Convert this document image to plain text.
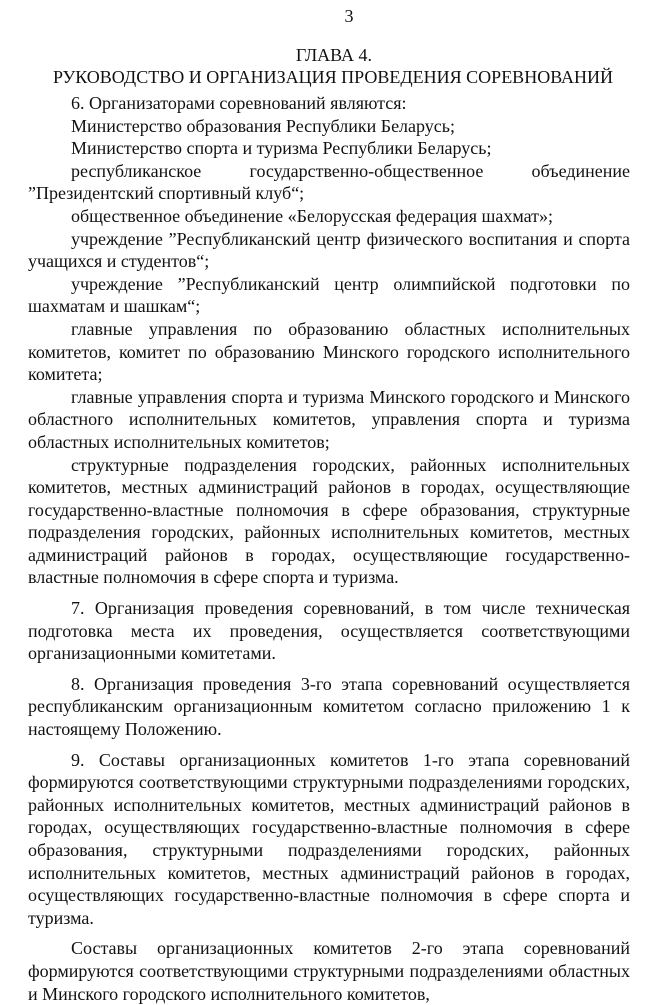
3
ГЛАВА 4.
РУКОВОДСТВО И ОРГАНИЗАЦИЯ ПРОВЕДЕНИЯ СОРЕВНОВАНИЙ

6. Организаторами соревнований являются:

Министерство образования Республики Беларусь;

Министерство спорта и туризма Республики Беларусь;

республиканское государственно-общественное объединение ”Президентский спортивный клуб“;

общественное объединение «Белорусская федерация шахмат»;

учреждение ”Республиканский центр физического воспитания и спорта учащихся и студентов“;

учреждение ”Республиканский центр олимпийской подготовки по шахматам и шашкам“;

главные управления по образованию областных исполнительных комитетов, комитет по образованию Минского городского исполнительного комитета;

главные управления спорта и туризма Минского городского и Минского областного исполнительных комитетов, управления спорта и туризма областных исполнительных комитетов;

структурные подразделения городских, районных исполнительных комитетов, местных администраций районов в городах, осуществляющие государственно-властные полномочия в сфере образования, структурные подразделения городских, районных исполнительных комитетов, местных администраций районов в городах, осуществляющие государственно-властные полномочия в сфере спорта и туризма.

7. Организация проведения соревнований, в том числе техническая подготовка места их проведения, осуществляется соответствующими организационными комитетами.

8. Организация проведения 3-го этапа соревнований осуществляется республиканским организационным комитетом согласно приложению 1 к настоящему Положению.

9. Составы организационных комитетов 1-го этапа соревнований формируются соответствующими структурными подразделениями городских, районных исполнительных комитетов, местных администраций районов в городах, осуществляющих государственно-властные полномочия в сфере образования, структурными подразделениями городских, районных исполнительных комитетов, местных администраций районов в городах, осуществляющих государственно-властные полномочия в сфере спорта и туризма.

Составы организационных комитетов 2-го этапа соревнований формируются соответствующими структурными подразделениями областных и Минского городского исполнительного комитетов,
